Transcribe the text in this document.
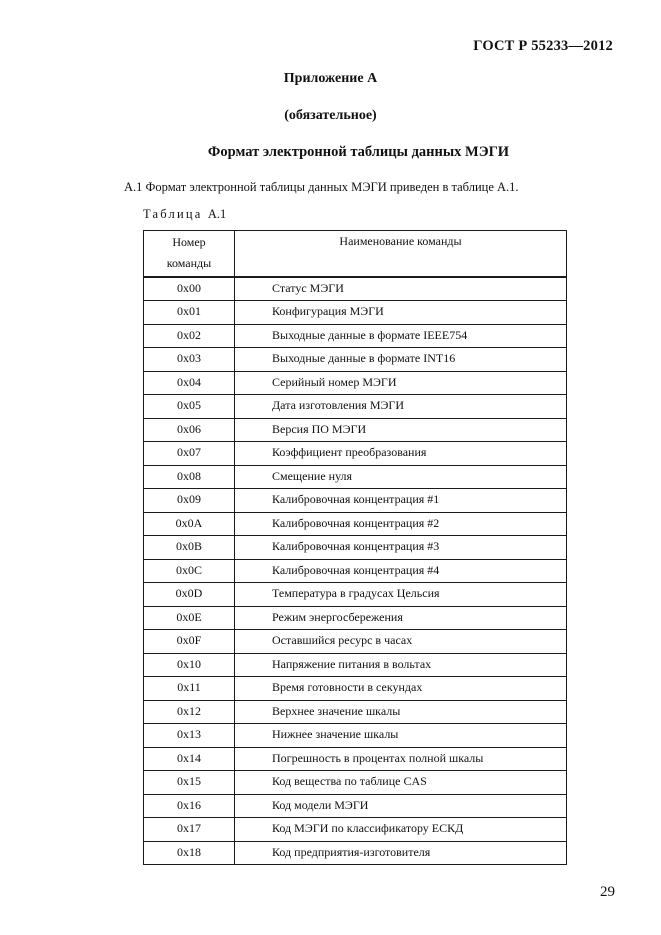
ГОСТ Р 55233—2012
Приложение А
(обязательное)
Формат электронной таблицы данных МЭГИ
А.1 Формат электронной таблицы данных МЭГИ приведен в таблице А.1.
Таблица А.1
Номер
команды	Наименование команды
0x00	Статус МЭГИ
0x01	Конфигурация МЭГИ
0x02	Выходные данные в формате IEEE754
0x03	Выходные данные в формате INT16
0x04	Серийный номер МЭГИ
0x05	Дата изготовления МЭГИ
0x06	Версия ПО МЭГИ
0x07	Коэффициент преобразования
0x08	Смещение нуля
0x09	Калибровочная концентрация #1
0x0A	Калибровочная концентрация #2
0x0B	Калибровочная концентрация #3
0x0C	Калибровочная концентрация #4
0x0D	Температура в градусах Цельсия
0x0E	Режим энергосбережения
0x0F	Оставшийся ресурс в часах
0x10	Напряжение питания в вольтах
0x11	Время готовности в секундах
0x12	Верхнее значение шкалы
0x13	Нижнее значение шкалы
0x14	Погрешность в процентах полной шкалы
0x15	Код вещества по таблице CAS
0x16	Код модели МЭГИ
0x17	Код МЭГИ по классификатору ЕСКД
0x18	Код предприятия-изготовителя
29
